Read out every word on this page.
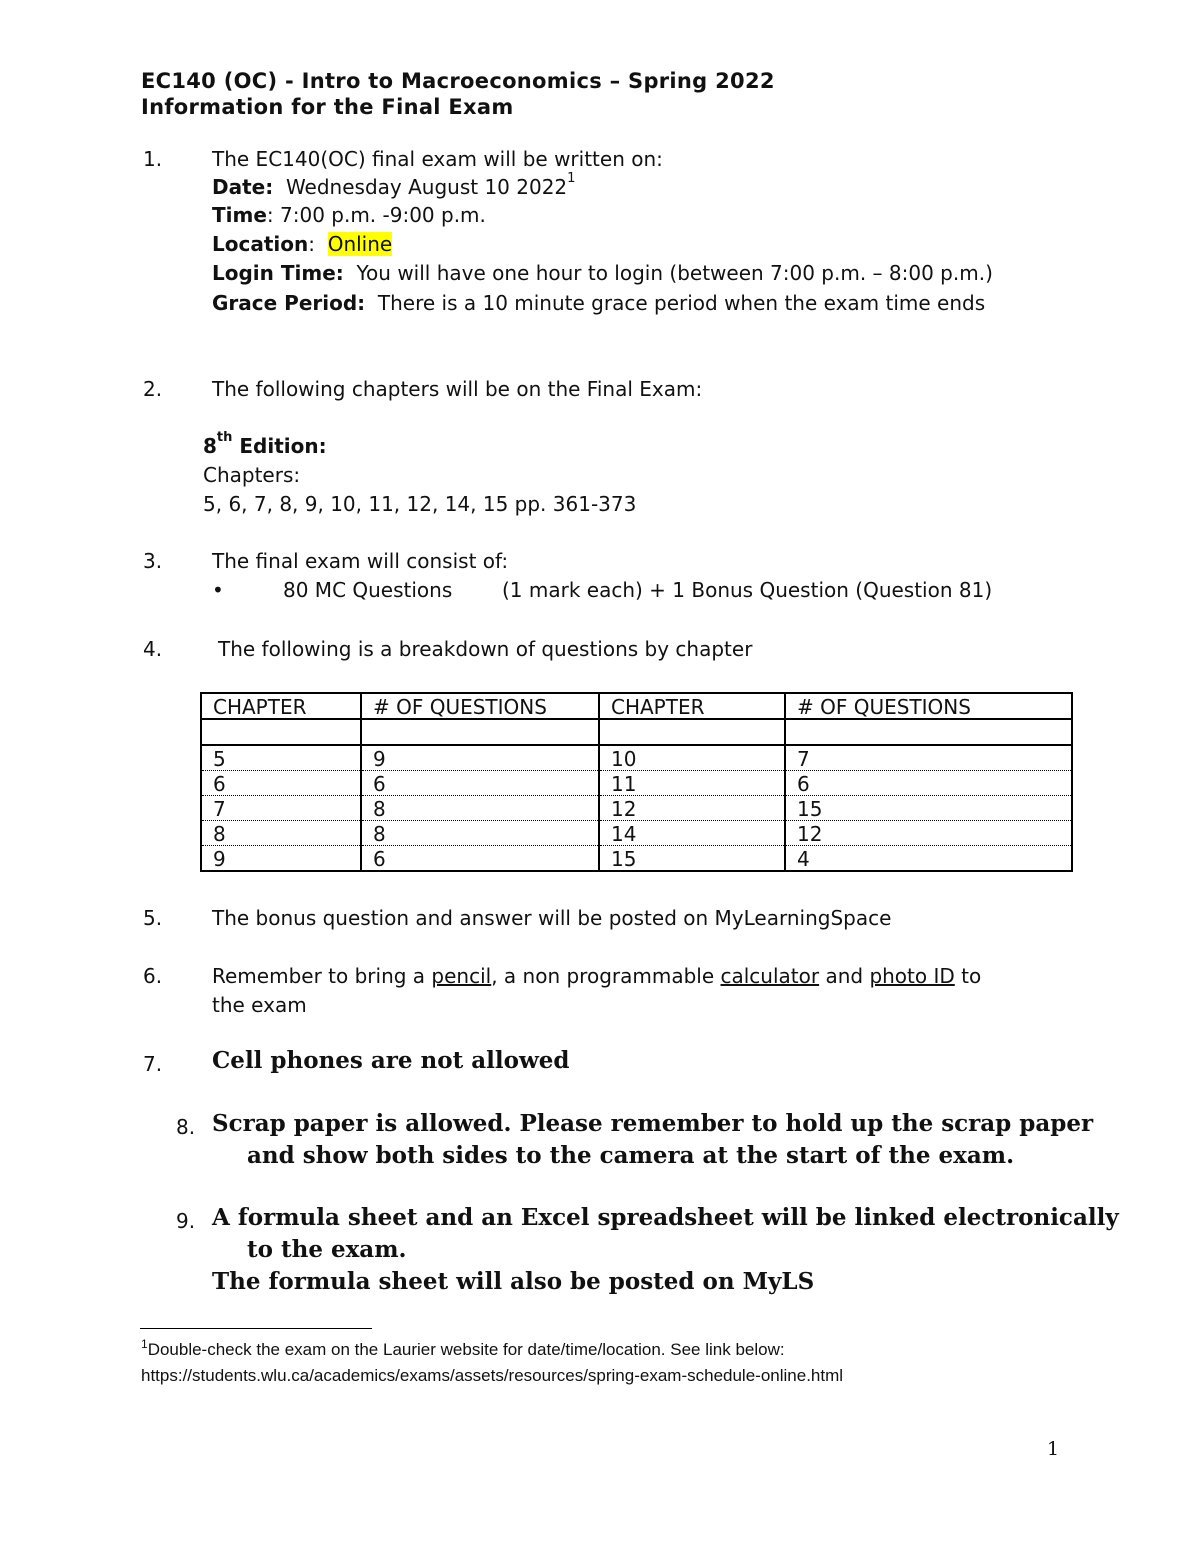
EC140 (OC) - Intro to Macroeconomics – Spring 2022
Information for the Final Exam
1. The EC140(OC) final exam will be written on:
Date: Wednesday August 10 2022$^1$
Time: 7:00 p.m. -9:00 p.m.
Location: Online
Login Time: You will have one hour to login (between 7:00 p.m. – 8:00 p.m.)
Grace Period: There is a 10 minute grace period when the exam time ends
2. The following chapters will be on the Final Exam:
8th Edition:
Chapters:
5, 6, 7, 8, 9, 10, 11, 12, 14, 15 pp. 361-373
3. The final exam will consist of:
•	80 MC Questions (1 mark each) + 1 Bonus Question (Question 81)
4.	The following is a breakdown of questions by chapter
CHAPTER	# OF QUESTIONS	CHAPTER	# OF QUESTIONS

5	9	10	7
6	6	11	6
7	8	12	15
8	8	14	12
9	6	15	4
5. The bonus question and answer will be posted on MyLearningSpace
6. Remember to bring a pencil, a non programmable calculator and photo ID to
the exam
7. Cell phones are not allowed
8. Scrap paper is allowed. Please remember to hold up the scrap paper
and show both sides to the camera at the start of the exam.
9. A formula sheet and an Excel spreadsheet will be linked electronically
to the exam.
The formula sheet will also be posted on MyLS
$^1$Double-check the exam on the Laurier website for date/time/location. See link below:
https://students.wlu.ca/academics/exams/assets/resources/spring-exam-schedule-online.html
1
